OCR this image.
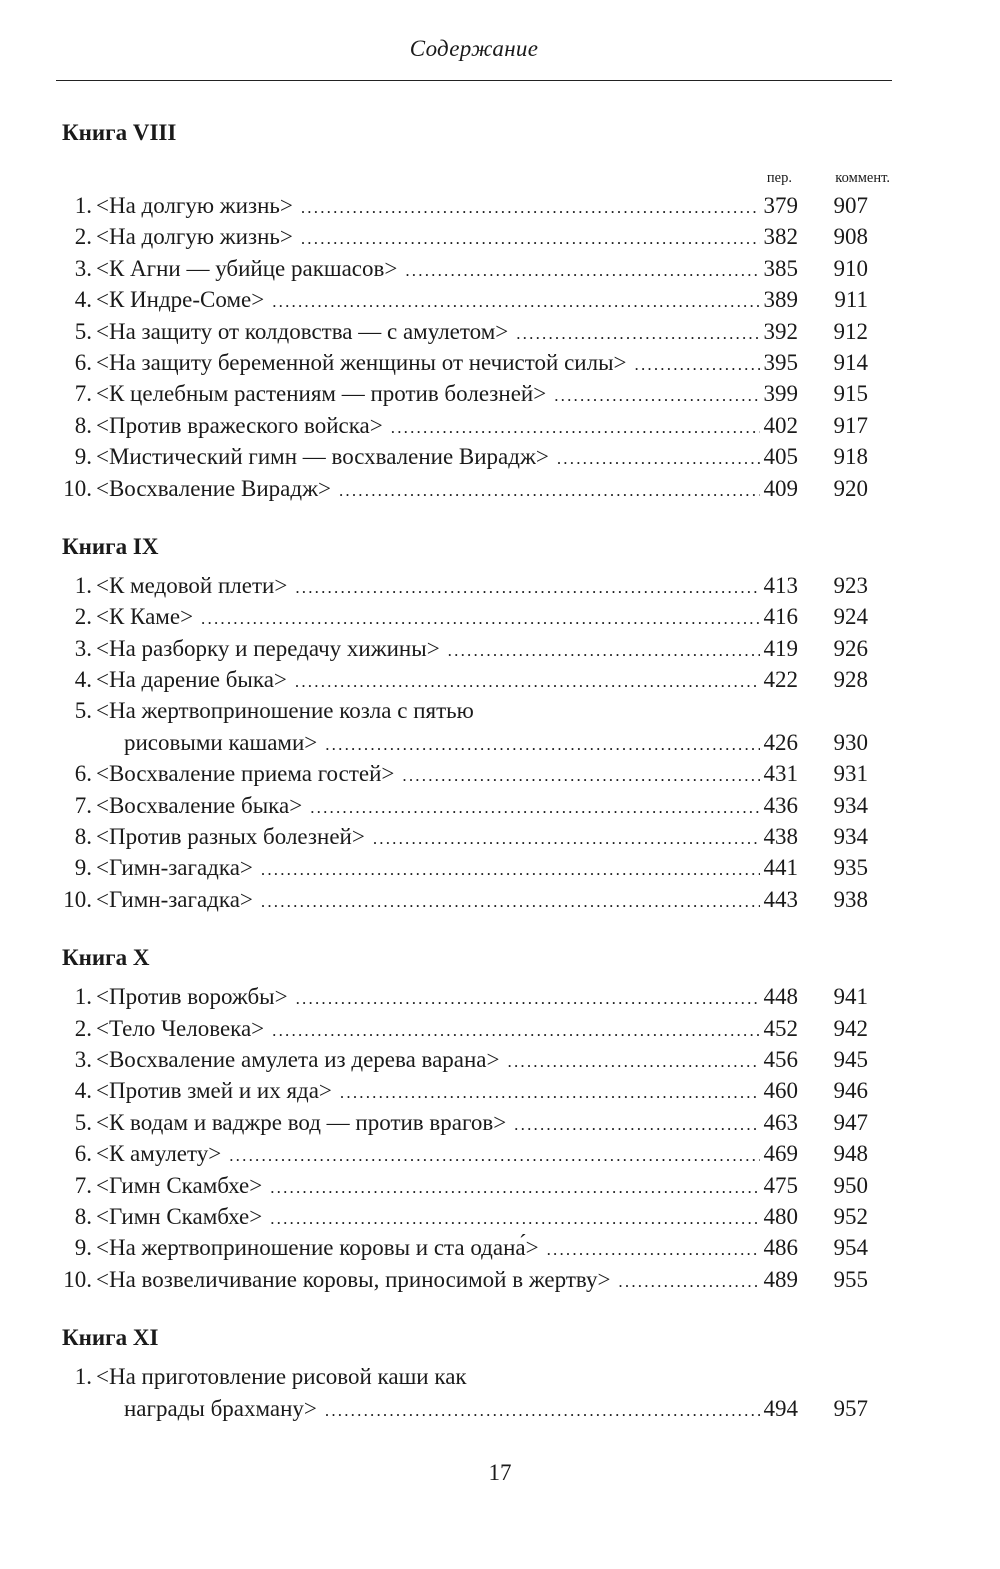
Содержание
Книга VIII
пер.	коммент.
1. <На долгую жизнь> .....	379	907
2. <На долгую жизнь> .....	382	908
3. <К Агни — убийце ракшасов> .....	385	910
4. <К Индре-Соме> .....	389	911
5. <На защиту от колдовства — с амулетом> .....	392	912
6. <На защиту беременной женщины от нечистой силы> .....	395	914
7. <К целебным растениям — против болезней> .....	399	915
8. <Против вражеского войска> .....	402	917
9. <Мистический гимн — восхваление Вирадж> .....	405	918
10. <Восхваление Вирадж> .....	409	920
Книга IX
1. <К медовой плети> .....	413	923
2. <К Каме> .....	416	924
3. <На разборку и передачу хижины> .....	419	926
4. <На дарение быка> .....	422	928
5. <На жертвоприношение козла с пятью
рисовыми кашами> .....	426	930
6. <Восхваление приема гостей> .....	431	931
7. <Восхваление быка> .....	436	934
8. <Против разных болезней> .....	438	934
9. <Гимн-загадка> .....	441	935
10. <Гимн-загадка> .....	443	938
Книга X
1. <Против ворожбы> .....	448	941
2. <Тело Человека> .....	452	942
3. <Восхваление амулета из дерева варана> .....	456	945
4. <Против змей и их яда> .....	460	946
5. <К водам и ваджре вод — против врагов> .....	463	947
6. <К амулету> .....	469	948
7. <Гимн Скамбхе> .....	475	950
8. <Гимн Скамбхе> .....	480	952
9. <На жертвоприношение коровы и ста одана́> .....	486	954
10. <На возвеличивание коровы, приносимой в жертву> .....	489	955
Книга XI
1. <На приготовление рисовой каши как
награды брахману> .....	494	957
17
